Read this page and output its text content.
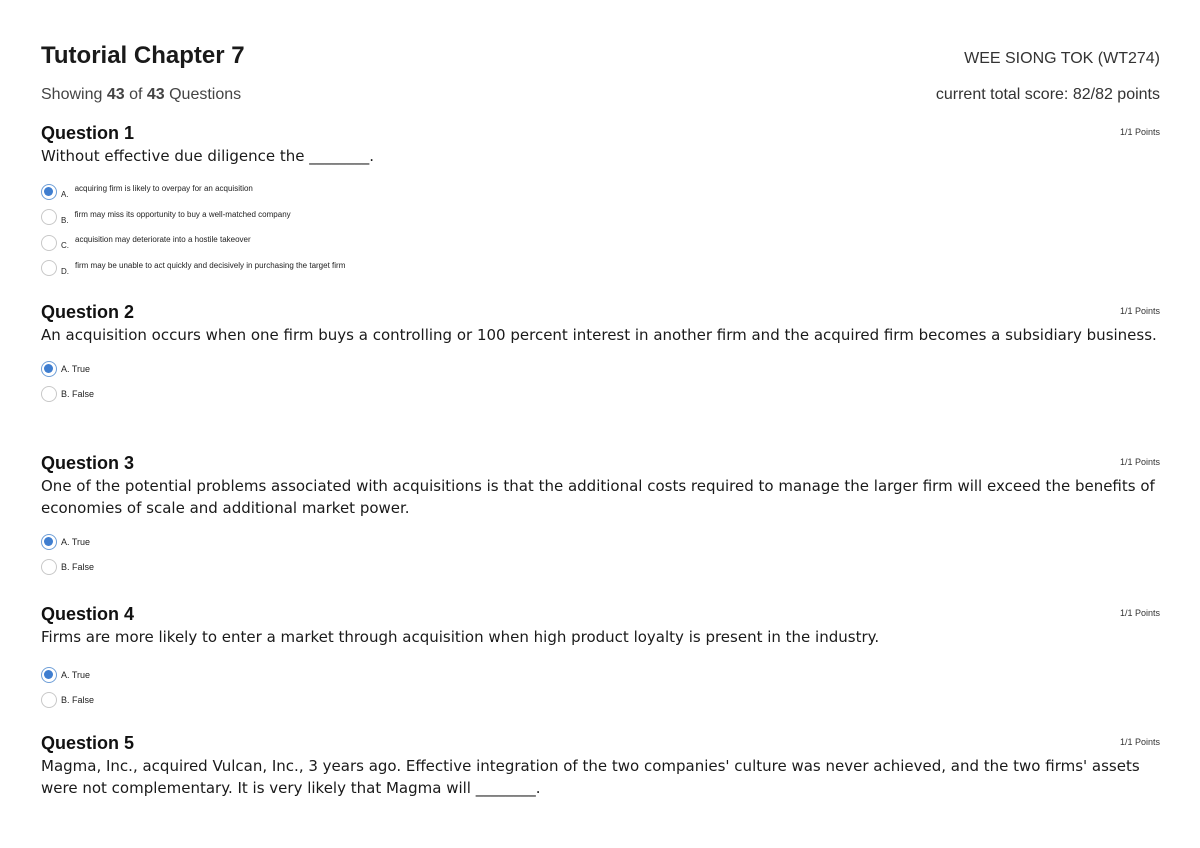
Tutorial Chapter 7	WEE SIONG TOK (WT274)
Showing 43 of 43 Questions	current total score: 82/82 points
Question 1	1/1 Points
Without effective due diligence the ________.
A.
acquiring firm is likely to overpay for an acquisition
B.
firm may miss its opportunity to buy a well-matched company
C.
acquisition may deteriorate into a hostile takeover
D.
firm may be unable to act quickly and decisively in purchasing the target firm
Question 2	1/1 Points
An acquisition occurs when one firm buys a controlling or 100 percent interest in another firm and the acquired firm becomes a subsidiary business.
A. True
B. False
Question 3	1/1 Points
One of the potential problems associated with acquisitions is that the additional costs required to manage the larger firm will exceed the benefits of economies of scale and additional market power.
A. True
B. False
Question 4	1/1 Points
Firms are more likely to enter a market through acquisition when high product loyalty is present in the industry.
A. True
B. False
Question 5	1/1 Points
Magma, Inc., acquired Vulcan, Inc., 3 years ago. Effective integration of the two companies' culture was never achieved, and the two firms' assets were not complementary. It is very likely that Magma will ________.
